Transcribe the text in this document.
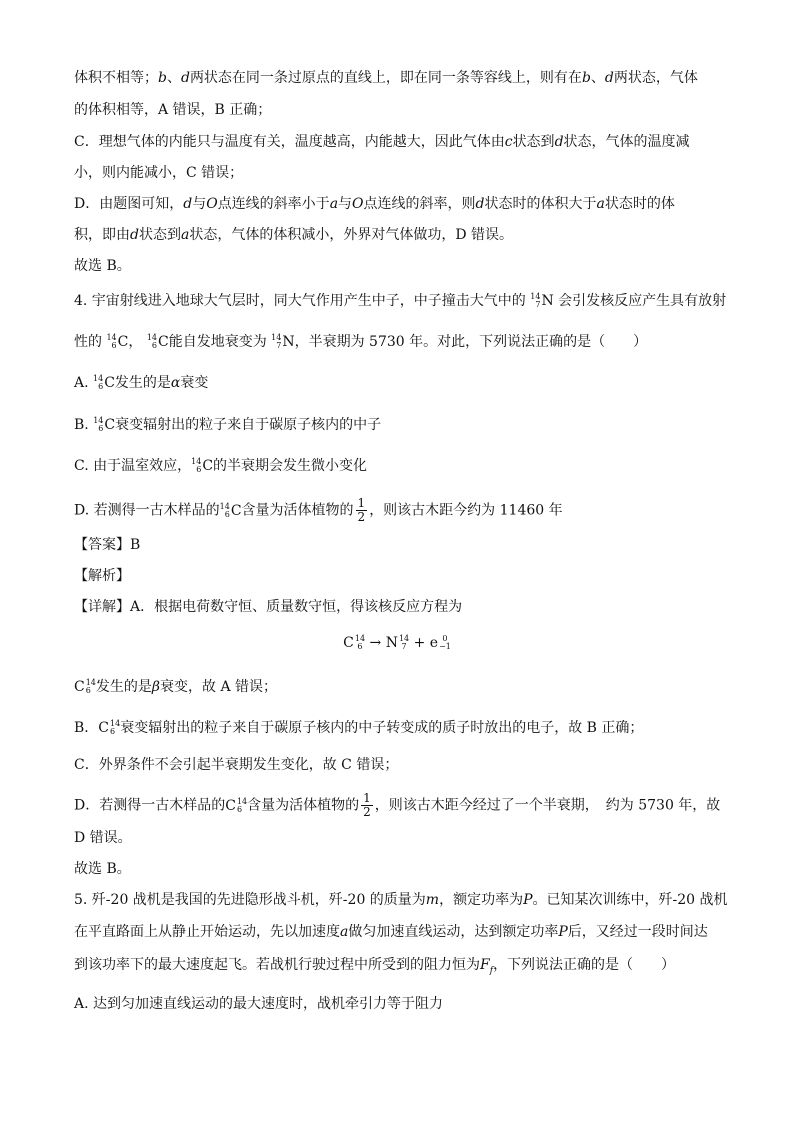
体积不相等；b、d两状态在同一条过原点的直线上，即在同一条等容线上，则有在b、d两状态，气体
的体积相等，A 错误，B 正确；
C．理想气体的内能只与温度有关，温度越高，内能越大，因此气体由c状态到d状态，气体的温度减
小，则内能减小，C 错误；
D．由题图可知，d与O点连线的斜率小于a与O点连线的斜率，则d状态时的体积大于a状态时的体
积，即由d状态到a状态，气体的体积减小，外界对气体做功，D 错误。
故选 B。
4. 宇宙射线进入地球大气层时，同大气作用产生中子，中子撞击大气中的 14
7 N 会引发核反应产生具有放射
性的 14
6 C ， 14
6 C 能自发地衰变为 14
7 N ，半衰期为 5730 年。对此，下列说法正确的是（　　）
A. 14
6 C 发生的是α衰变
B. 14
6 C 衰变辐射出的粒子来自于碳原子核内的中子
C. 由于温室效应， 14
6 C 的半衰期会发生微小变化
D. 若测得一古木样品的 14
6 C 含量为活体植物的 $\frac{1}{2}$ ，则该古木距今约为 11460 年
【答案】B
【解析】
【详解】A．根据电荷数守恒、质量数守恒，得该核反应方程为
C 14
6 → N 14
7 + e 0
−1
C 14
6 发生的是β衰变，故 A 错误；
B． C 14
6 衰变辐射出的粒子来自于碳原子核内的中子转变成的质子时放出的电子，故 B 正确；
C．外界条件不会引起半衰期发生变化，故 C 错误；
D．若测得一古木样品的 C 14
6 含量为活体植物的 $\frac{1}{2}$ ，则该古木距今经过了一个半衰期，　约为 5730 年，故
D 错误。
故选 B。
5. 歼-20 战机是我国的先进隐形战斗机，歼-20 的质量为m，额定功率为P。已知某次训练中，歼-20 战机
在平直路面上从静止开始运动，先以加速度a做匀加速直线运动，达到额定功率P后，又经过一段时间达
到该功率下的最大速度起飞。若战机行驶过程中所受到的阻力恒为$F_f$，下列说法正确的是（　　）
A. 达到匀加速直线运动的最大速度时，战机牵引力等于阻力
